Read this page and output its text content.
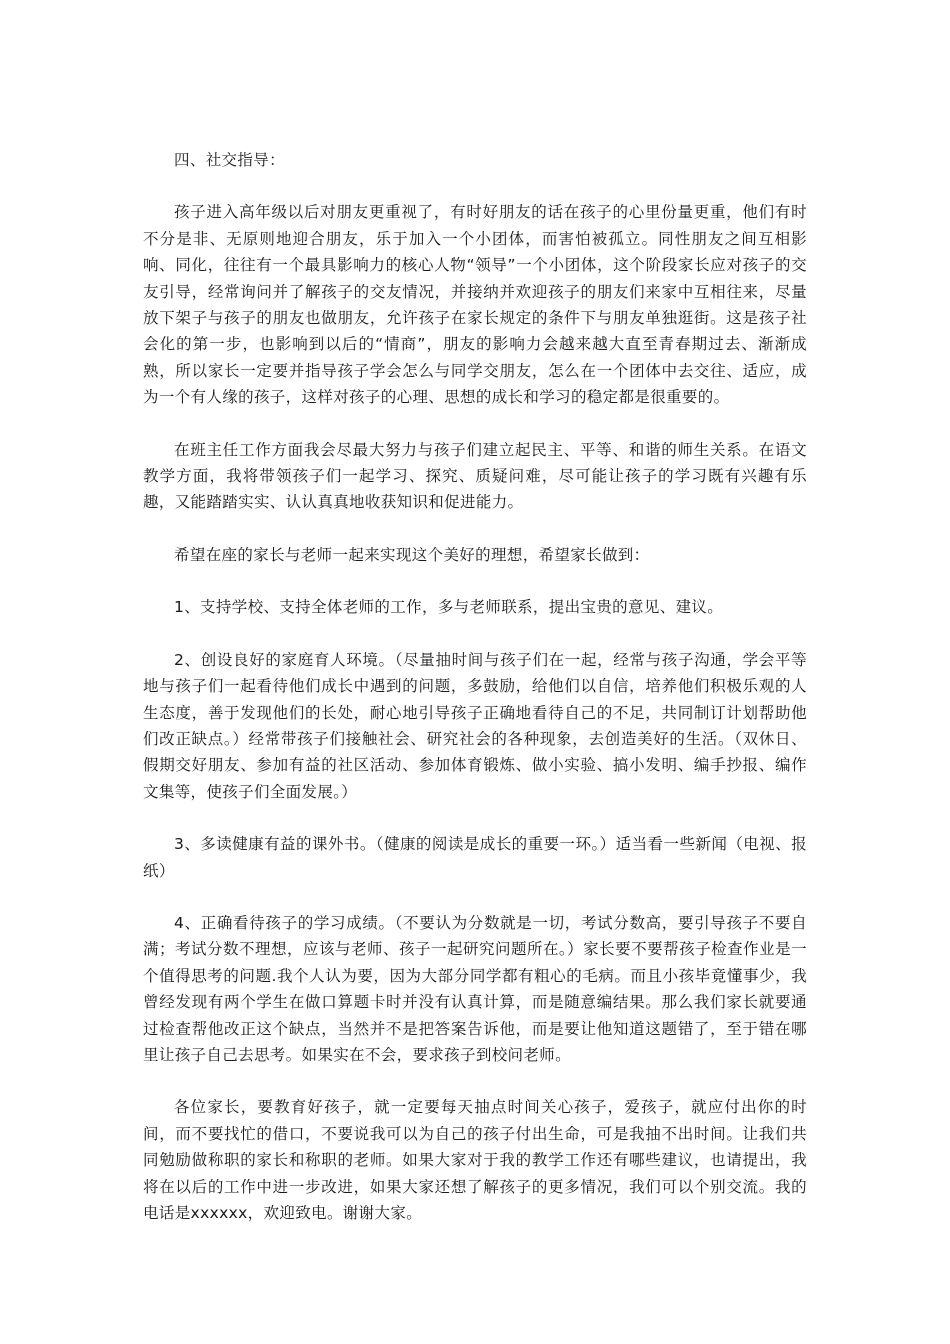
四、社交指导：

孩子进入高年级以后对朋友更重视了，有时好朋友的话在孩子的心里份量更重，他们有时不分是非、无原则地迎合朋友，乐于加入一个小团体，而害怕被孤立。同性朋友之间互相影响、同化，往往有一个最具影响力的核心人物“领导”一个小团体，这个阶段家长应对孩子的交友引导，经常询问并了解孩子的交友情况，并接纳并欢迎孩子的朋友们来家中互相往来，尽量放下架子与孩子的朋友也做朋友，允许孩子在家长规定的条件下与朋友单独逛街。这是孩子社会化的第一步，也影响到以后的“情商”，朋友的影响力会越来越大直至青春期过去、渐渐成熟，所以家长一定要并指导孩子学会怎么与同学交朋友，怎么在一个团体中去交往、适应，成为一个有人缘的孩子，这样对孩子的心理、思想的成长和学习的稳定都是很重要的。

在班主任工作方面我会尽最大努力与孩子们建立起民主、平等、和谐的师生关系。在语文教学方面，我将带领孩子们一起学习、探究、质疑问难，尽可能让孩子的学习既有兴趣有乐趣，又能踏踏实实、认认真真地收获知识和促进能力。

希望在座的家长与老师一起来实现这个美好的理想，希望家长做到：

1、支持学校、支持全体老师的工作，多与老师联系，提出宝贵的意见、建议。

2、创设良好的家庭育人环境。（尽量抽时间与孩子们在一起，经常与孩子沟通，学会平等地与孩子们一起看待他们成长中遇到的问题，多鼓励，给他们以自信，培养他们积极乐观的人生态度，善于发现他们的长处，耐心地引导孩子正确地看待自己的不足，共同制订计划帮助他们改正缺点。）经常带孩子们接触社会、研究社会的各种现象，去创造美好的生活。（双休日、假期交好朋友、参加有益的社区活动、参加体育锻炼、做小实验、搞小发明、编手抄报、编作文集等，使孩子们全面发展。）

3、多读健康有益的课外书。（健康的阅读是成长的重要一环。）适当看一些新闻（电视、报纸）

4、正确看待孩子的学习成绩。（不要认为分数就是一切，考试分数高，要引导孩子不要自满；考试分数不理想，应该与老师、孩子一起研究问题所在。）家长要不要帮孩子检查作业是一个值得思考的问题.我个人认为要，因为大部分同学都有粗心的毛病。而且小孩毕竟懂事少，我曾经发现有两个学生在做口算题卡时并没有认真计算，而是随意编结果。那么我们家长就要通过检查帮他改正这个缺点，当然并不是把答案告诉他，而是要让他知道这题错了，至于错在哪里让孩子自己去思考。如果实在不会，要求孩子到校问老师。

各位家长，要教育好孩子，就一定要每天抽点时间关心孩子，爱孩子，就应付出你的时间，而不要找忙的借口，不要说我可以为自己的孩子付出生命，可是我抽不出时间。让我们共同勉励做称职的家长和称职的老师。如果大家对于我的教学工作还有哪些建议，也请提出，我将在以后的工作中进一步改进，如果大家还想了解孩子的更多情况，我们可以个别交流。我的电话是xxxxxx，欢迎致电。谢谢大家。
